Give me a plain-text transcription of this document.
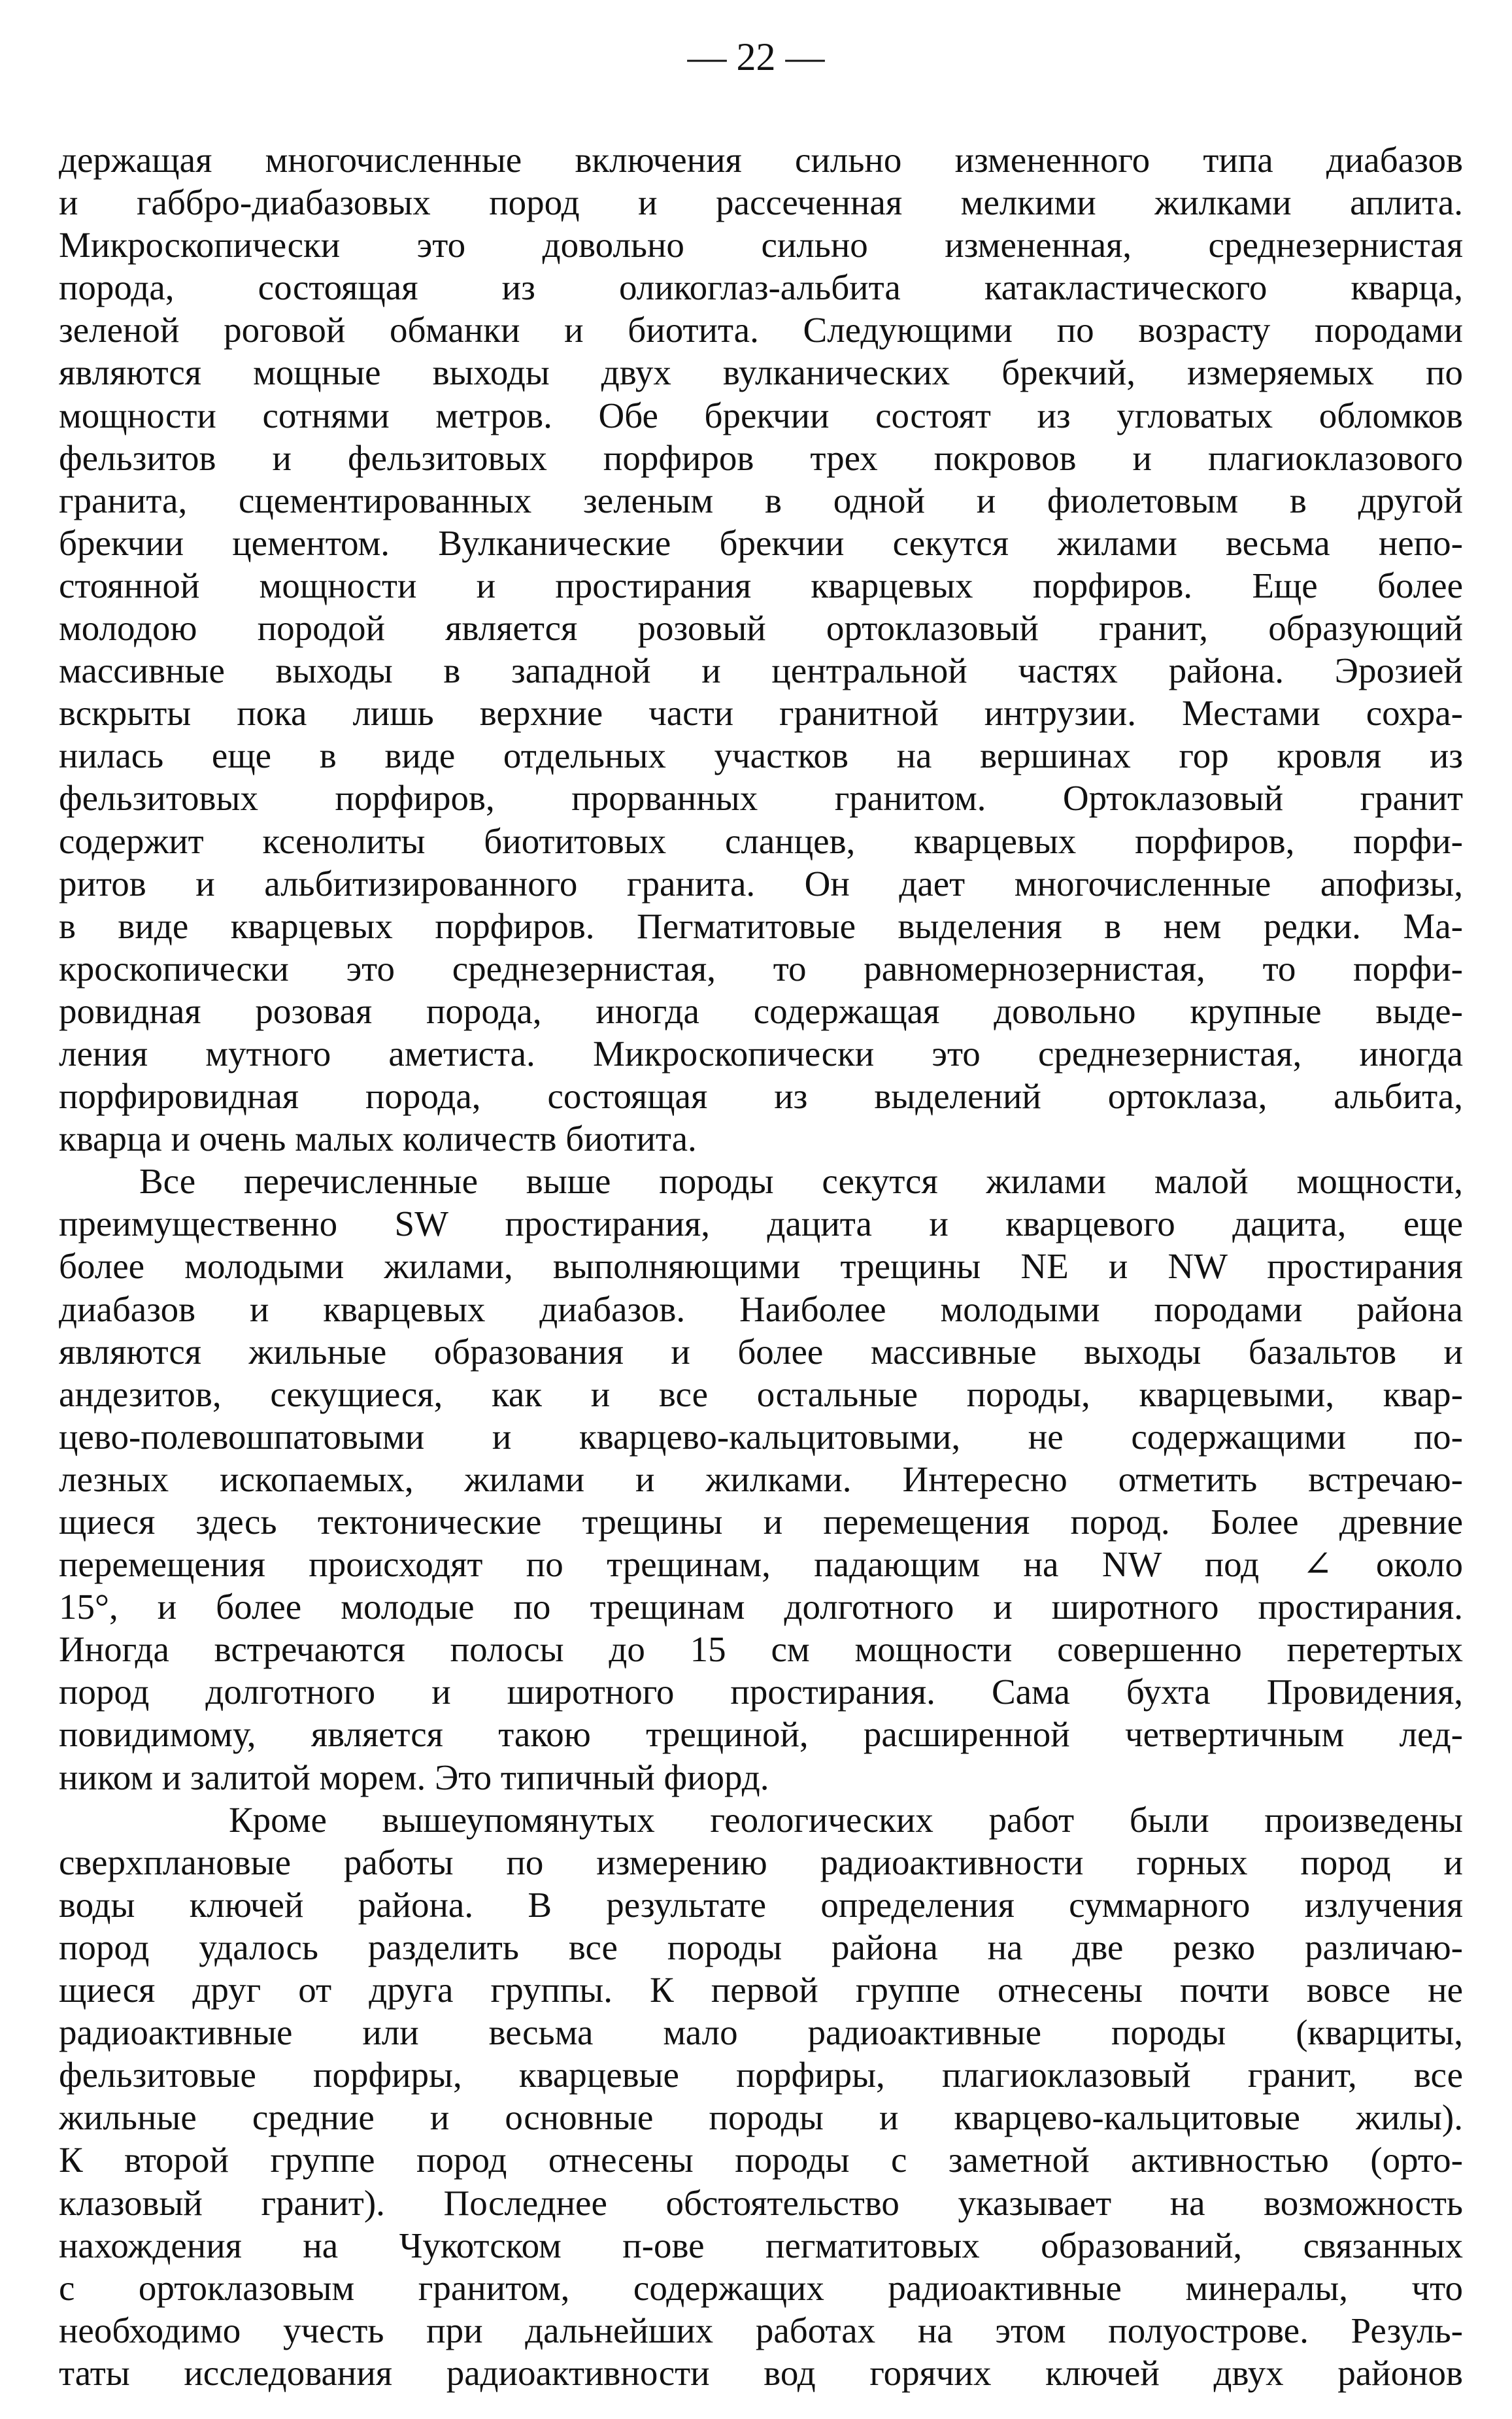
— 22 —
держащая многочисленные включения сильно измененного типа диабазов
и габбро-диабазовых пород и рассеченная мелкими жилками аплита.
Микроскопически это довольно сильно измененная, среднезернистая
порода, состоящая из оликоглаз-альбита катакластического кварца,
зеленой роговой обманки и биотита. Следующими по возрасту породами
являются мощные выходы двух вулканических брекчий, измеряемых по
мощности сотнями метров. Обе брекчии состоят из угловатых обломков
фельзитов и фельзитовых порфиров трех покровов и плагиоклазового
гранита, сцементированных зеленым в одной и фиолетовым в другой
брекчии цементом. Вулканические брекчии секутся жилами весьма непо-
стоянной мощности и простирания кварцевых порфиров. Еще более
молодою породой является розовый ортоклазовый гранит, образующий
массивные выходы в западной и центральной частях района. Эрозией
вскрыты пока лишь верхние части гранитной интрузии. Местами сохра-
нилась еще в виде отдельных участков на вершинах гор кровля из
фельзитовых порфиров, прорванных гранитом. Ортоклазовый гранит
содержит ксенолиты биотитовых сланцев, кварцевых порфиров, порфи-
ритов и альбитизированного гранита. Он дает многочисленные апофизы,
в виде кварцевых порфиров. Пегматитовые выделения в нем редки. Ма-
кроскопически это среднезернистая, то равномернозернистая, то порфи-
ровидная розовая порода, иногда содержащая довольно крупные выде-
ления мутного аметиста. Микроскопически это среднезернистая, иногда
порфировидная порода, состоящая из выделений ортоклаза, альбита,
кварца и очень малых количеств биотита.
Все перечисленные выше породы секутся жилами малой мощности,
преимущественно SW простирания, дацита и кварцевого дацита, еще
более молодыми жилами, выполняющими трещины NE и NW простирания
диабазов и кварцевых диабазов. Наиболее молодыми породами района
являются жильные образования и более массивные выходы базальтов и
андезитов, секущиеся, как и все остальные породы, кварцевыми, квар-
цево-полевошпатовыми и кварцево-кальцитовыми, не содержащими по-
лезных ископаемых, жилами и жилками. Интересно отметить встречаю-
щиеся здесь тектонические трещины и перемещения пород. Более древние
перемещения происходят по трещинам, падающим на NW под ∠ около
15°, и более молодые по трещинам долготного и широтного простирания.
Иногда встречаются полосы до 15 см мощности совершенно перетертых
пород долготного и широтного простирания. Сама бухта Провидения,
повидимому, является такою трещиной, расширенной четвертичным лед-
ником и залитой морем. Это типичный фиорд.
Кроме вышеупомянутых геологических работ были произведены
сверхплановые работы по измерению радиоактивности горных пород и
воды ключей района. В результате определения суммарного излучения
пород удалось разделить все породы района на две резко различаю-
щиеся друг от друга группы. К первой группе отнесены почти вовсе не
радиоактивные или весьма мало радиоактивные породы (кварциты,
фельзитовые порфиры, кварцевые порфиры, плагиоклазовый гранит, все
жильные средние и основные породы и кварцево-кальцитовые жилы).
К второй группе пород отнесены породы с заметной активностью (орто-
клазовый гранит). Последнее обстоятельство указывает на возможность
нахождения на Чукотском п-ове пегматитовых образований, связанных
с ортоклазовым гранитом, содержащих радиоактивные минералы, что
необходимо учесть при дальнейших работах на этом полуострове. Резуль-
таты исследования радиоактивности вод горячих ключей двух районов
